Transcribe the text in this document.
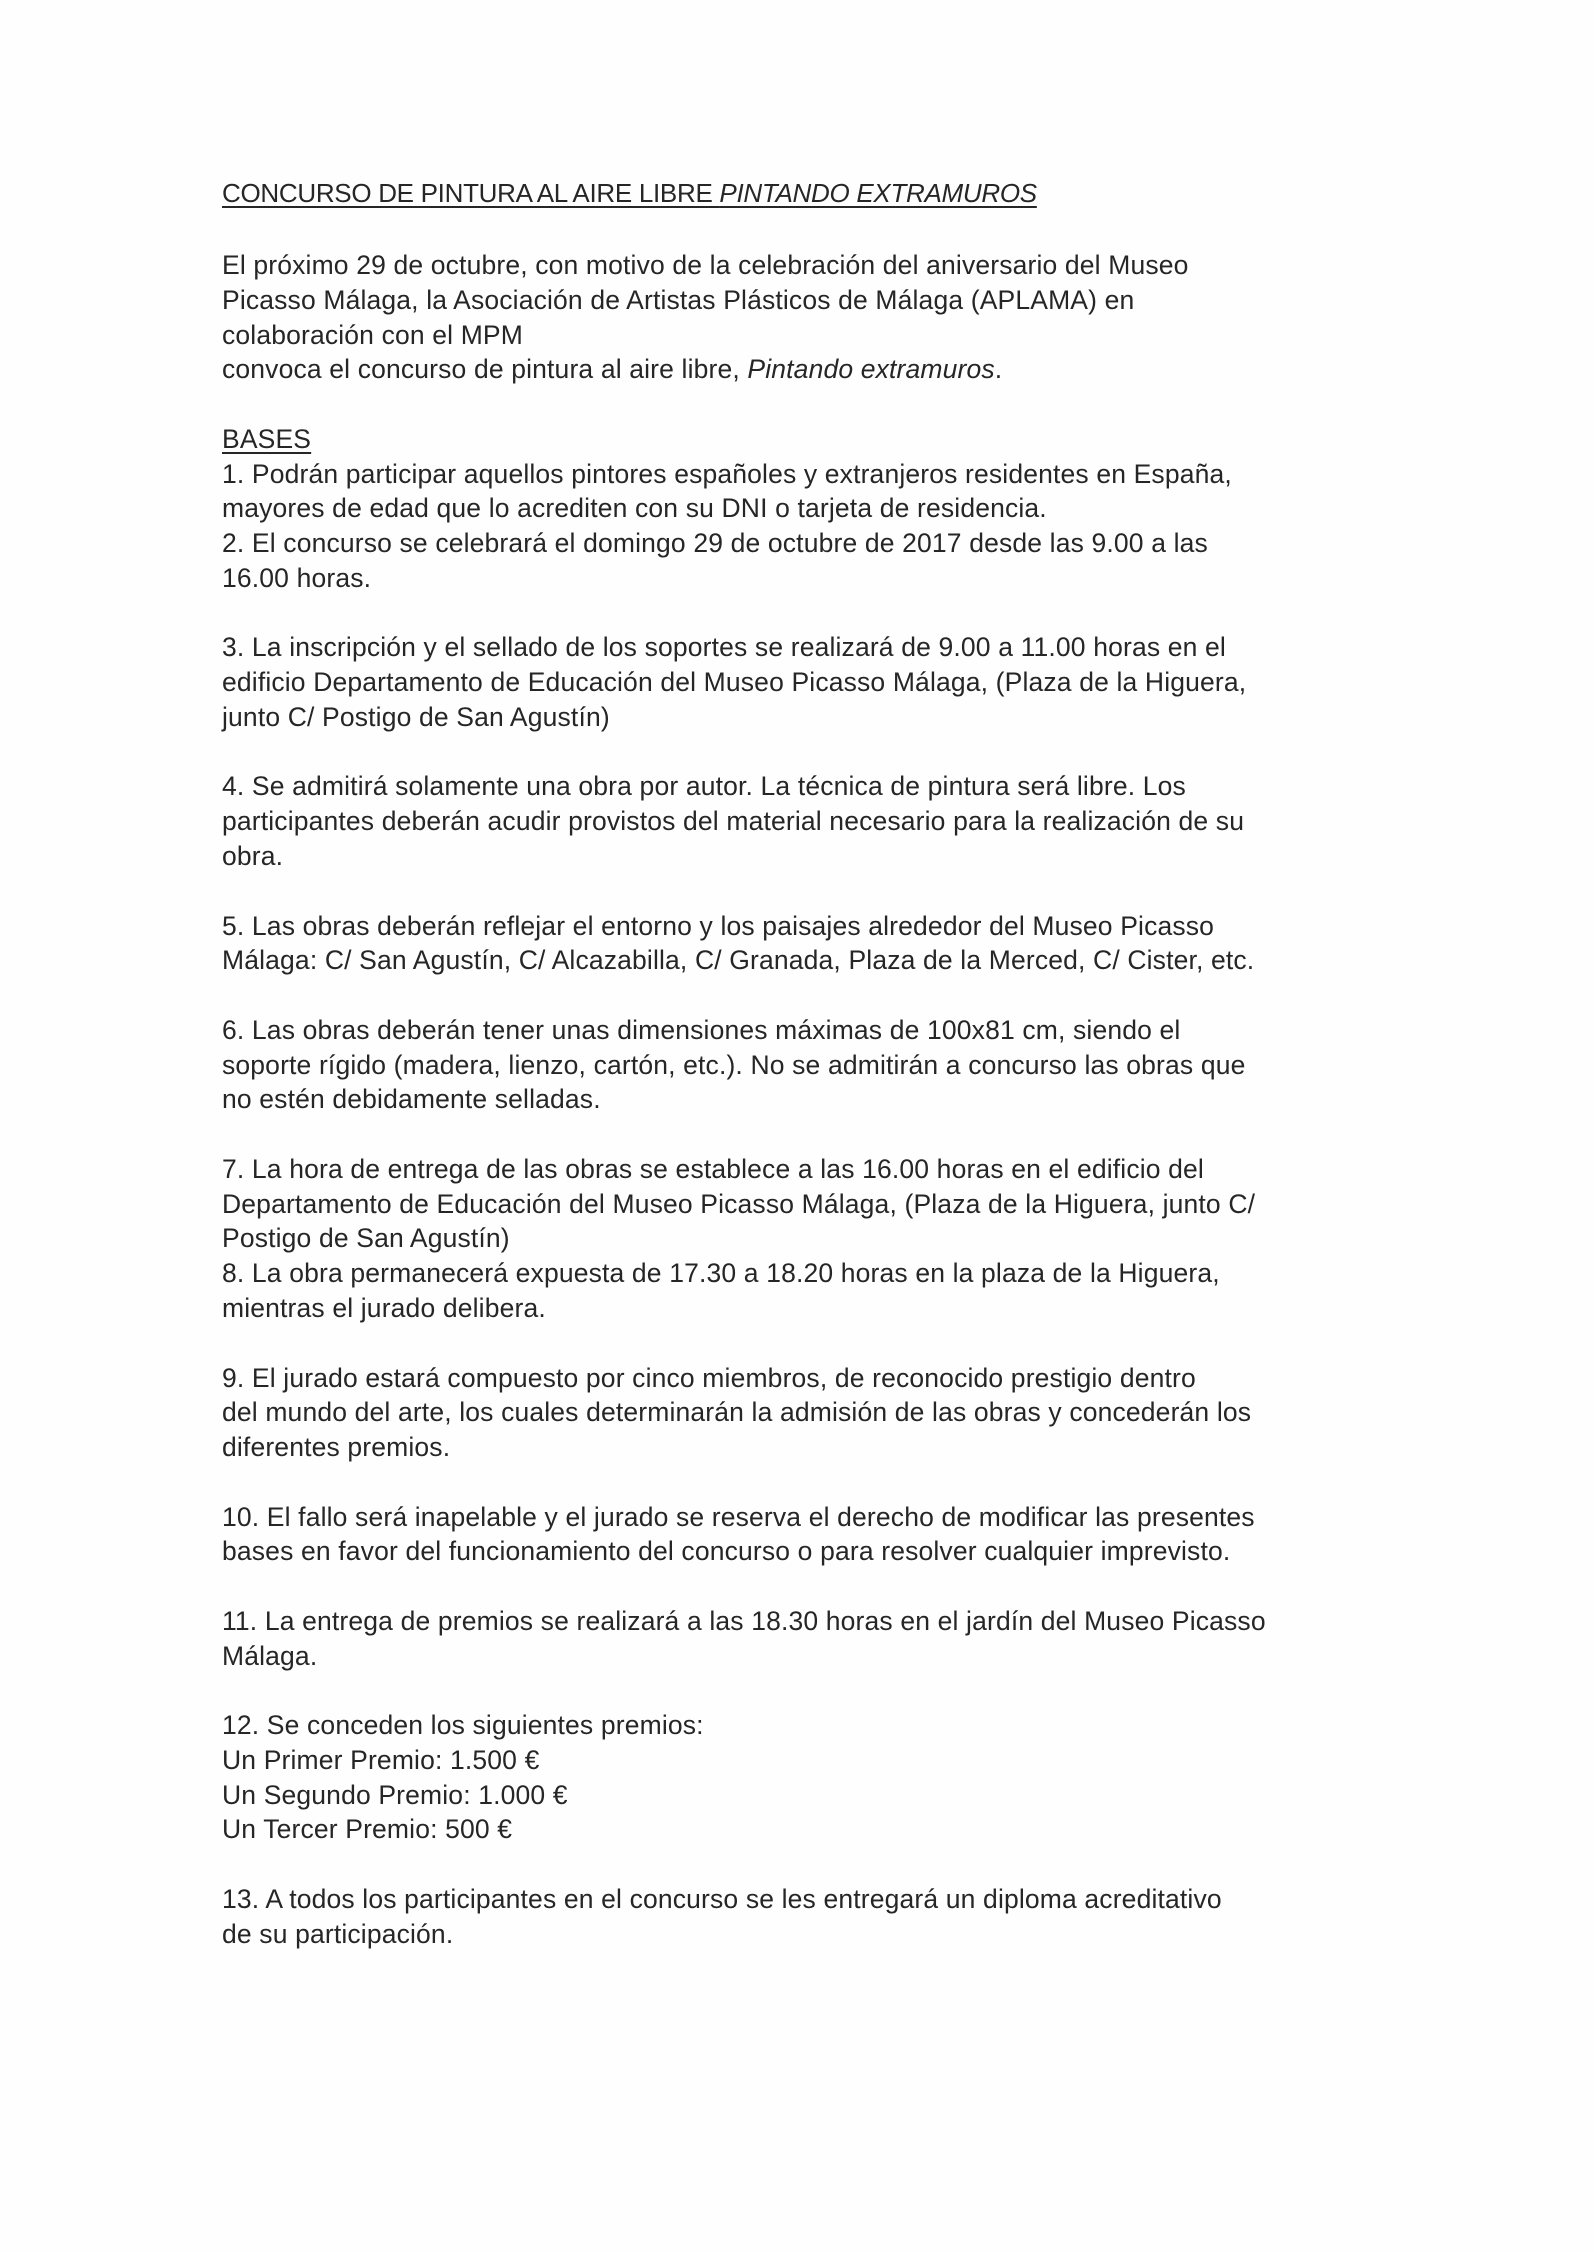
CONCURSO DE PINTURA AL AIRE LIBRE PINTANDO EXTRAMUROS
El próximo 29 de octubre, con motivo de la celebración del aniversario del Museo
Picasso Málaga, la Asociación de Artistas Plásticos de Málaga (APLAMA) en
colaboración con el MPM
convoca el concurso de pintura al aire libre, Pintando extramuros.
BASES
1. Podrán participar aquellos pintores españoles y extranjeros residentes en España,
mayores de edad que lo acrediten con su DNI o tarjeta de residencia.
2. El concurso se celebrará el domingo 29 de octubre de 2017 desde las 9.00 a las
16.00 horas.
3. La inscripción y el sellado de los soportes se realizará de 9.00 a 11.00 horas en el
edificio Departamento de Educación del Museo Picasso Málaga, (Plaza de la Higuera,
junto C/ Postigo de San Agustín)
4. Se admitirá solamente una obra por autor. La técnica de pintura será libre. Los
participantes deberán acudir provistos del material necesario para la realización de su
obra.
5. Las obras deberán reflejar el entorno y los paisajes alrededor del Museo Picasso
Málaga: C/ San Agustín, C/ Alcazabilla, C/ Granada, Plaza de la Merced, C/ Cister, etc.
6. Las obras deberán tener unas dimensiones máximas de 100x81 cm, siendo el
soporte rígido (madera, lienzo, cartón, etc.). No se admitirán a concurso las obras que
no estén debidamente selladas.
7. La hora de entrega de las obras se establece a las 16.00 horas en el edificio del
Departamento de Educación del Museo Picasso Málaga, (Plaza de la Higuera, junto C/
Postigo de San Agustín)
8. La obra permanecerá expuesta de 17.30 a 18.20 horas en la plaza de la Higuera,
mientras el jurado delibera.
9. El jurado estará compuesto por cinco miembros, de reconocido prestigio dentro
del mundo del arte, los cuales determinarán la admisión de las obras y concederán los
diferentes premios.
10. El fallo será inapelable y el jurado se reserva el derecho de modificar las presentes
bases en favor del funcionamiento del concurso o para resolver cualquier imprevisto.
11. La entrega de premios se realizará a las 18.30 horas en el jardín del Museo Picasso
Málaga.
12. Se conceden los siguientes premios:
Un Primer Premio: 1.500 €
Un Segundo Premio: 1.000 €
Un Tercer Premio: 500 €
13. A todos los participantes en el concurso se les entregará un diploma acreditativo
de su participación.
